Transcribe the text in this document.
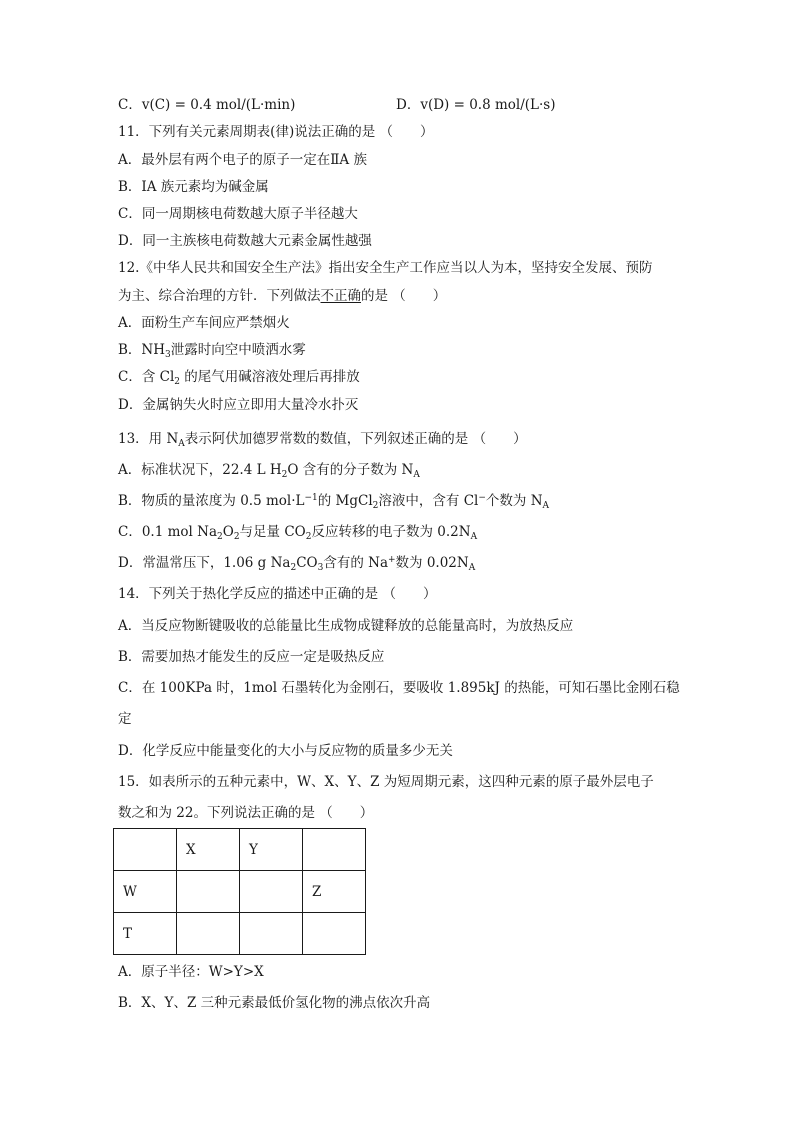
C．v(C) = 0.4 mol/(L·min)	D．v(D) = 0.8 mol/(L·s)
11．下列有关元素周期表(律)说法正确的是 （　　）
A．最外层有两个电子的原子一定在ⅡA 族
B．IA 族元素均为碱金属
C．同一周期核电荷数越大原子半径越大
D．同一主族核电荷数越大元素金属性越强
12.《中华人民共和国安全生产法》指出安全生产工作应当以人为本，坚持安全发展、预防
为主、综合治理的方针．下列做法不正确的是 （　　）
A．面粉生产车间应严禁烟火
B．$NH_3$泄露时向空中喷洒水雾
C．含 $Cl_2$ 的尾气用碱溶液处理后再排放
D．金属钠失火时应立即用大量冷水扑灭
13．用 $N_A$表示阿伏加德罗常数的数值，下列叙述正确的是 （　　）
A．标准状况下，22.4 L $H_2O$ 含有的分子数为 $N_A$
B．物质的量浓度为 0.5 $mol\cdot L^{-1}$的 MgCl$_2$溶液中，含有 Cl−个数为 $N_A$
C．0.1 mol $Na_2O_2$与足量 $CO_2$反应转移的电子数为 $0.2N_A$
D．常温常压下，1.06 g $Na_2CO_3$含有的 Na+数为 $0.02N_A$
14．下列关于热化学反应的描述中正确的是 （　　）
A．当反应物断键吸收的总能量比生成物成键释放的总能量高时，为放热反应
B．需要加热才能发生的反应一定是吸热反应
C．在 100KPa 时，1mol 石墨转化为金刚石，要吸收 1.895kJ 的热能，可知石墨比金刚石稳
定
D．化学反应中能量变化的大小与反应物的质量多少无关
15．如表所示的五种元素中，W、X、Y、Z 为短周期元素，这四种元素的原子最外层电子
数之和为 22。下列说法正确的是 （　　）
	X	Y	
W			Z
T			
A．原子半径：W>Y>X
B．X、Y、Z 三种元素最低价氢化物的沸点依次升高
